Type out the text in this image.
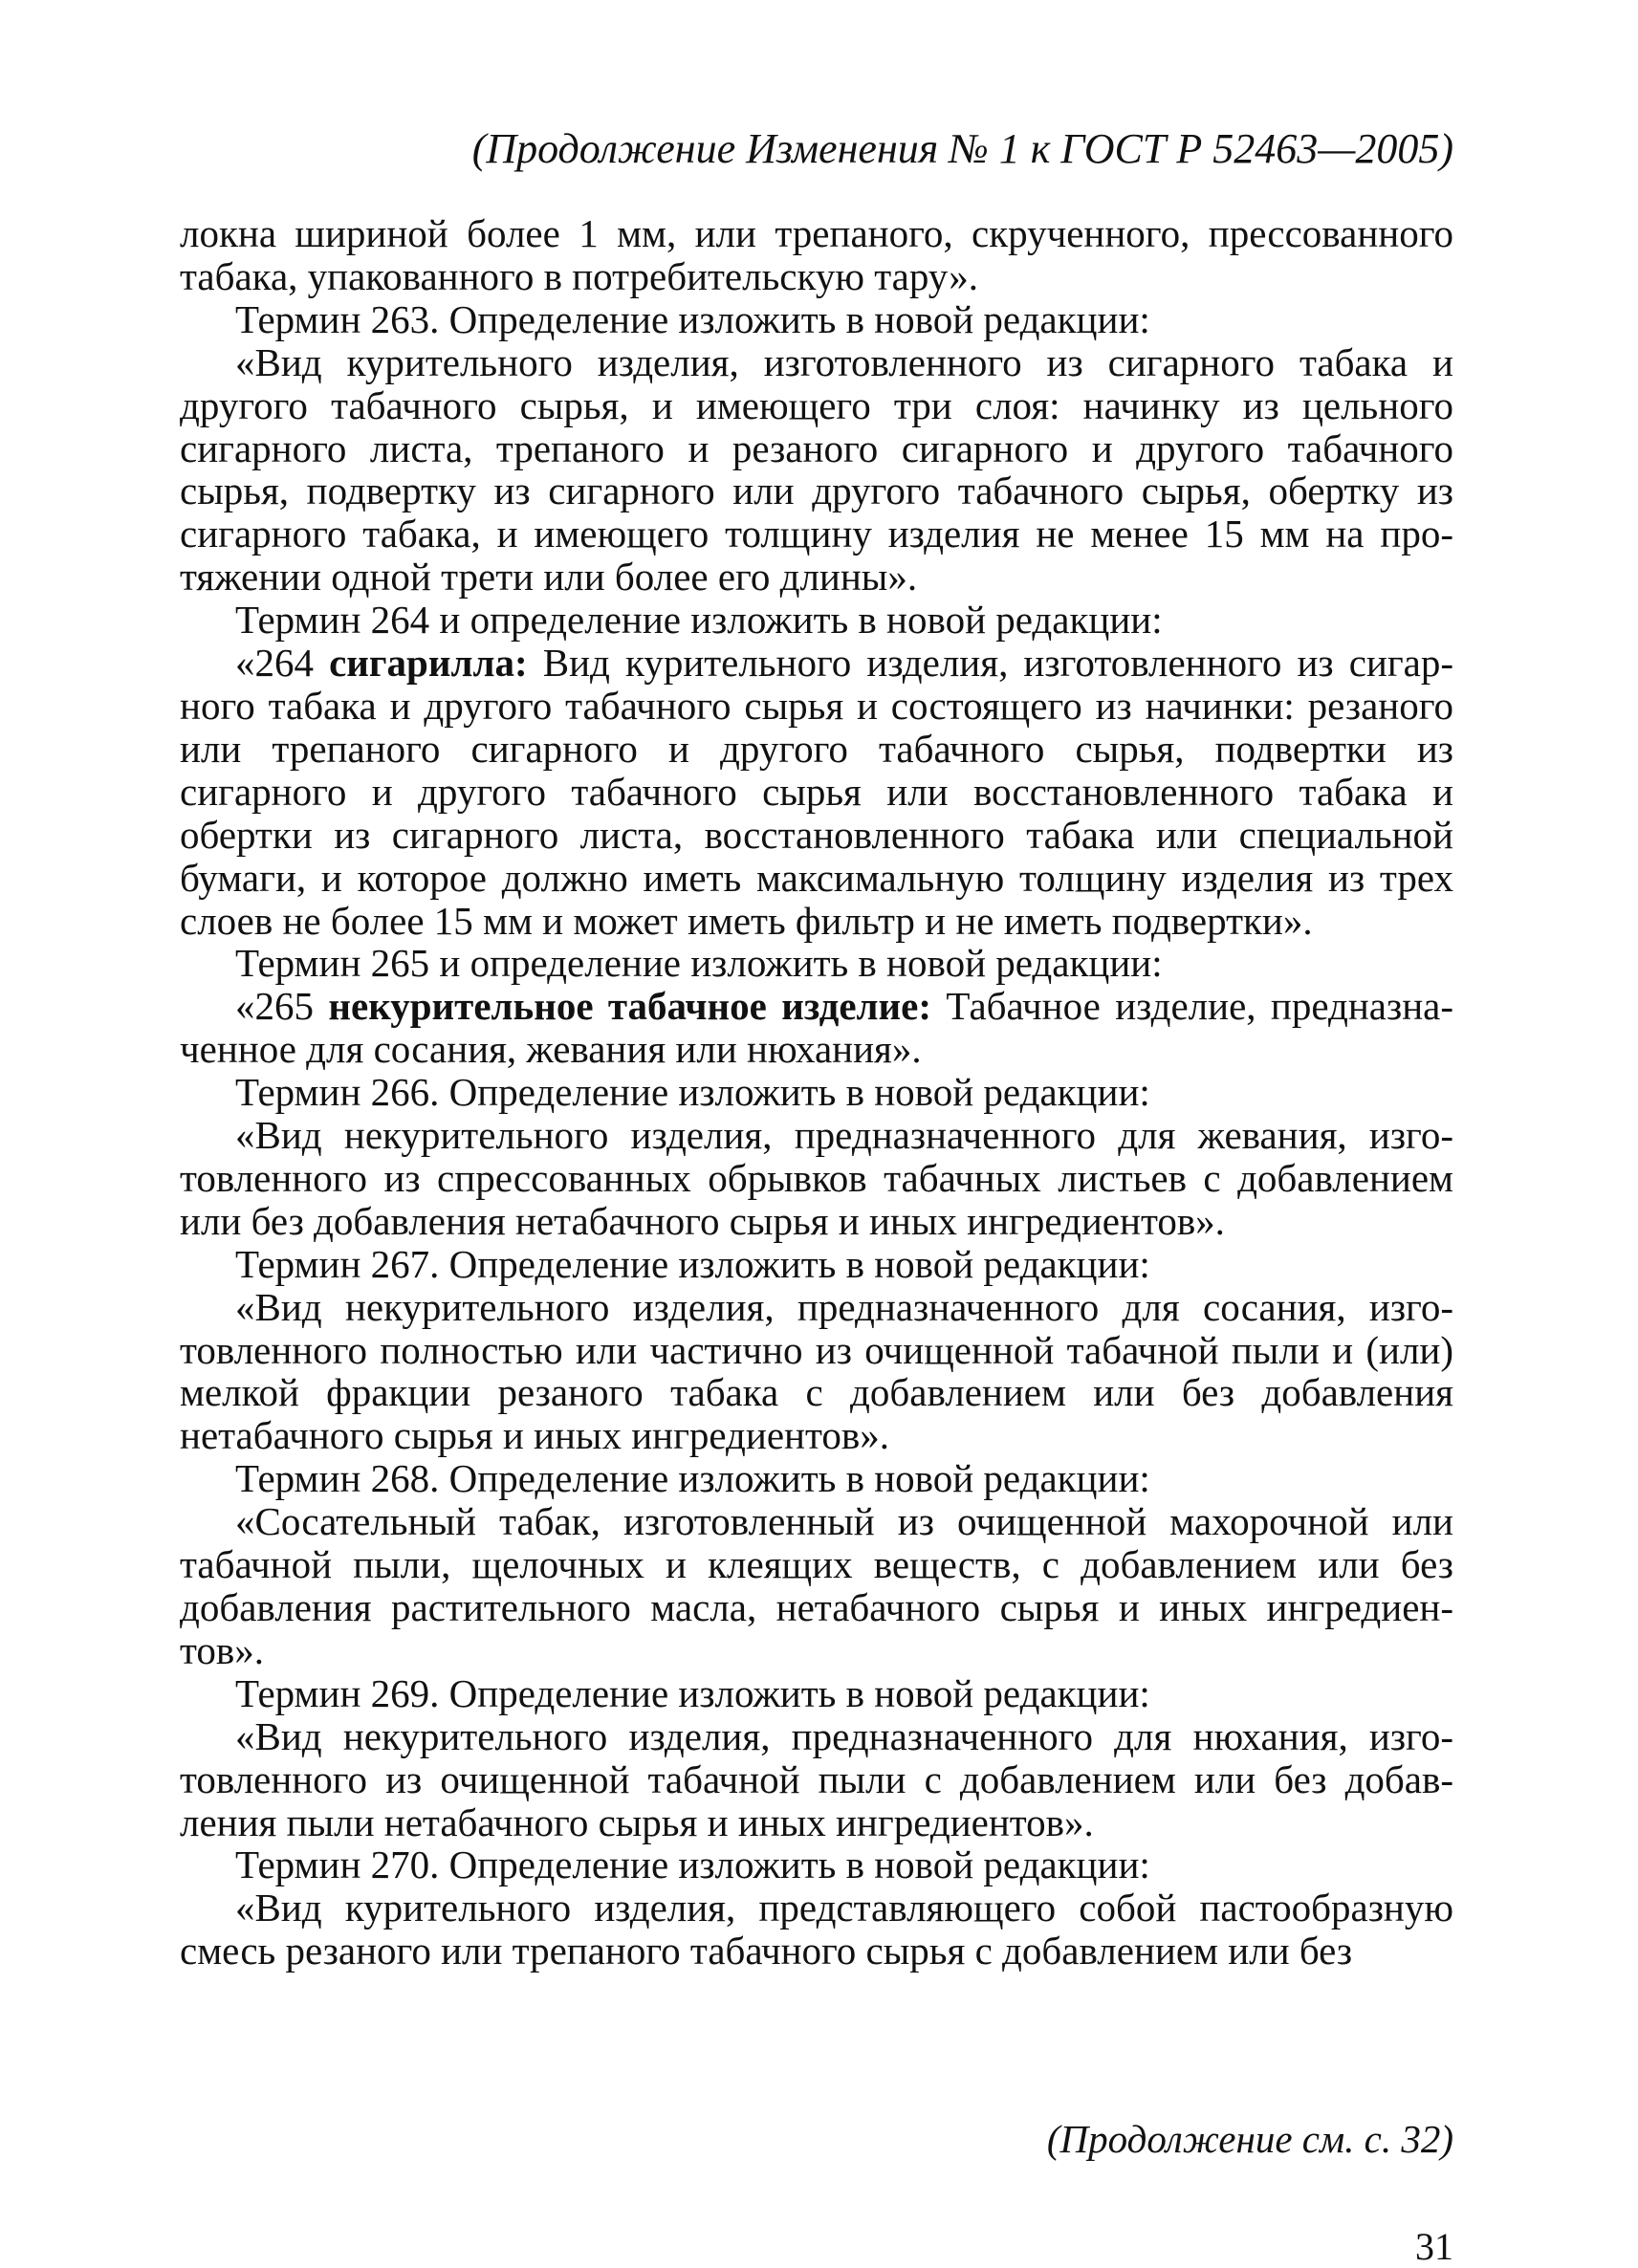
(Продолжение Изменения № 1 к ГОСТ Р 52463—2005)

локна шириной более 1 мм, или трепаного, скрученного, прессованного табака, упакованного в потребительскую тару».

Термин 263. Определение изложить в новой редакции:

«Вид курительного изделия, изготовленного из сигарного табака и другого табачного сырья, и имеющего три слоя: начинку из цельного сигарного листа, трепаного и резаного сигарного и другого табачного сырья, подвертку из сигарного или другого табачного сырья, обертку из сигарного табака, и имеющего толщину изделия не менее 15 мм на протяжении одной трети или более его длины».

Термин 264 и определение изложить в новой редакции:

«264 сигарилла: Вид курительного изделия, изготовленного из сигарного табака и другого табачного сырья и состоящего из начинки: резаного или трепаного сигарного и другого табачного сырья, подвертки из сигарного и другого табачного сырья или восстановленного табака и обертки из сигарного листа, восстановленного табака или специальной бумаги, и которое должно иметь максимальную толщину изделия из трех слоев не более 15 мм и может иметь фильтр и не иметь подвертки».

Термин 265 и определение изложить в новой редакции:

«265 некурительное табачное изделие: Табачное изделие, предназначенное для сосания, жевания или нюхания».

Термин 266. Определение изложить в новой редакции:

«Вид некурительного изделия, предназначенного для жевания, изготовленного из спрессованных обрывков табачных листьев с добавлением или без добавления нетабачного сырья и иных ингредиентов».

Термин 267. Определение изложить в новой редакции:

«Вид некурительного изделия, предназначенного для сосания, изготовленного полностью или частично из очищенной табачной пыли и (или) мелкой фракции резаного табака с добавлением или без добавления нетабачного сырья и иных ингредиентов».

Термин 268. Определение изложить в новой редакции:

«Сосательный табак, изготовленный из очищенной махорочной или табачной пыли, щелочных и клеящих веществ, с добавлением или без добавления растительного масла, нетабачного сырья и иных ингредиентов».

Термин 269. Определение изложить в новой редакции:

«Вид некурительного изделия, предназначенного для нюхания, изготовленного из очищенной табачной пыли с добавлением или без добавления пыли нетабачного сырья и иных ингредиентов».

Термин 270. Определение изложить в новой редакции:

«Вид курительного изделия, представляющего собой пастообразную смесь резаного или трепаного табачного сырья с добавлением или без

(Продолжение см. с. 32)
31
